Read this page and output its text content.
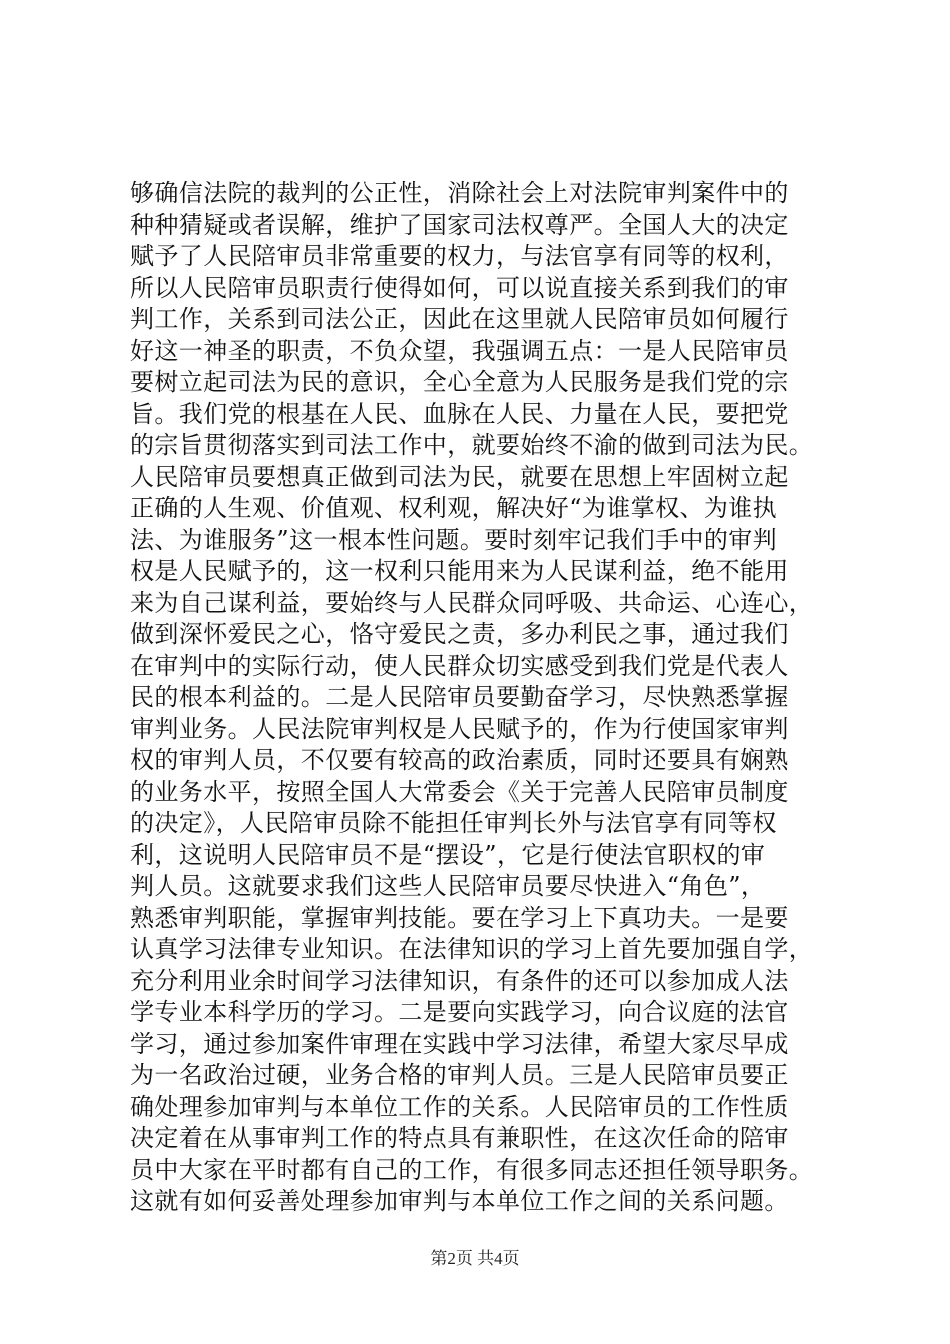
够确信法院的裁判的公正性，消除社会上对法院审判案件中的
种种猜疑或者误解，维护了国家司法权尊严。全国人大的决定
赋予了人民陪审员非常重要的权力，与法官享有同等的权利，
所以人民陪审员职责行使得如何，可以说直接关系到我们的审
判工作，关系到司法公正，因此在这里就人民陪审员如何履行
好这一神圣的职责，不负众望，我强调五点：一是人民陪审员
要树立起司法为民的意识，全心全意为人民服务是我们党的宗
旨。我们党的根基在人民、血脉在人民、力量在人民，要把党
的宗旨贯彻落实到司法工作中，就要始终不渝的做到司法为民。
人民陪审员要想真正做到司法为民，就要在思想上牢固树立起
正确的人生观、价值观、权利观，解决好“为谁掌权、为谁执
法、为谁服务”这一根本性问题。要时刻牢记我们手中的审判
权是人民赋予的，这一权利只能用来为人民谋利益，绝不能用
来为自己谋利益，要始终与人民群众同呼吸、共命运、心连心，
做到深怀爱民之心，恪守爱民之责，多办利民之事，通过我们
在审判中的实际行动，使人民群众切实感受到我们党是代表人
民的根本利益的。二是人民陪审员要勤奋学习，尽快熟悉掌握
审判业务。人民法院审判权是人民赋予的，作为行使国家审判
权的审判人员，不仅要有较高的政治素质，同时还要具有娴熟
的业务水平，按照全国人大常委会《关于完善人民陪审员制度
的决定》，人民陪审员除不能担任审判长外与法官享有同等权
利，这说明人民陪审员不是“摆设”，它是行使法官职权的审
判人员。这就要求我们这些人民陪审员要尽快进入“角色”，
熟悉审判职能，掌握审判技能。要在学习上下真功夫。一是要
认真学习法律专业知识。在法律知识的学习上首先要加强自学，
充分利用业余时间学习法律知识，有条件的还可以参加成人法
学专业本科学历的学习。二是要向实践学习，向合议庭的法官
学习，通过参加案件审理在实践中学习法律，希望大家尽早成
为一名政治过硬，业务合格的审判人员。三是人民陪审员要正
确处理参加审判与本单位工作的关系。人民陪审员的工作性质
决定着在从事审判工作的特点具有兼职性，在这次任命的陪审
员中大家在平时都有自己的工作，有很多同志还担任领导职务。
这就有如何妥善处理参加审判与本单位工作之间的关系问题。
第2页 共4页
